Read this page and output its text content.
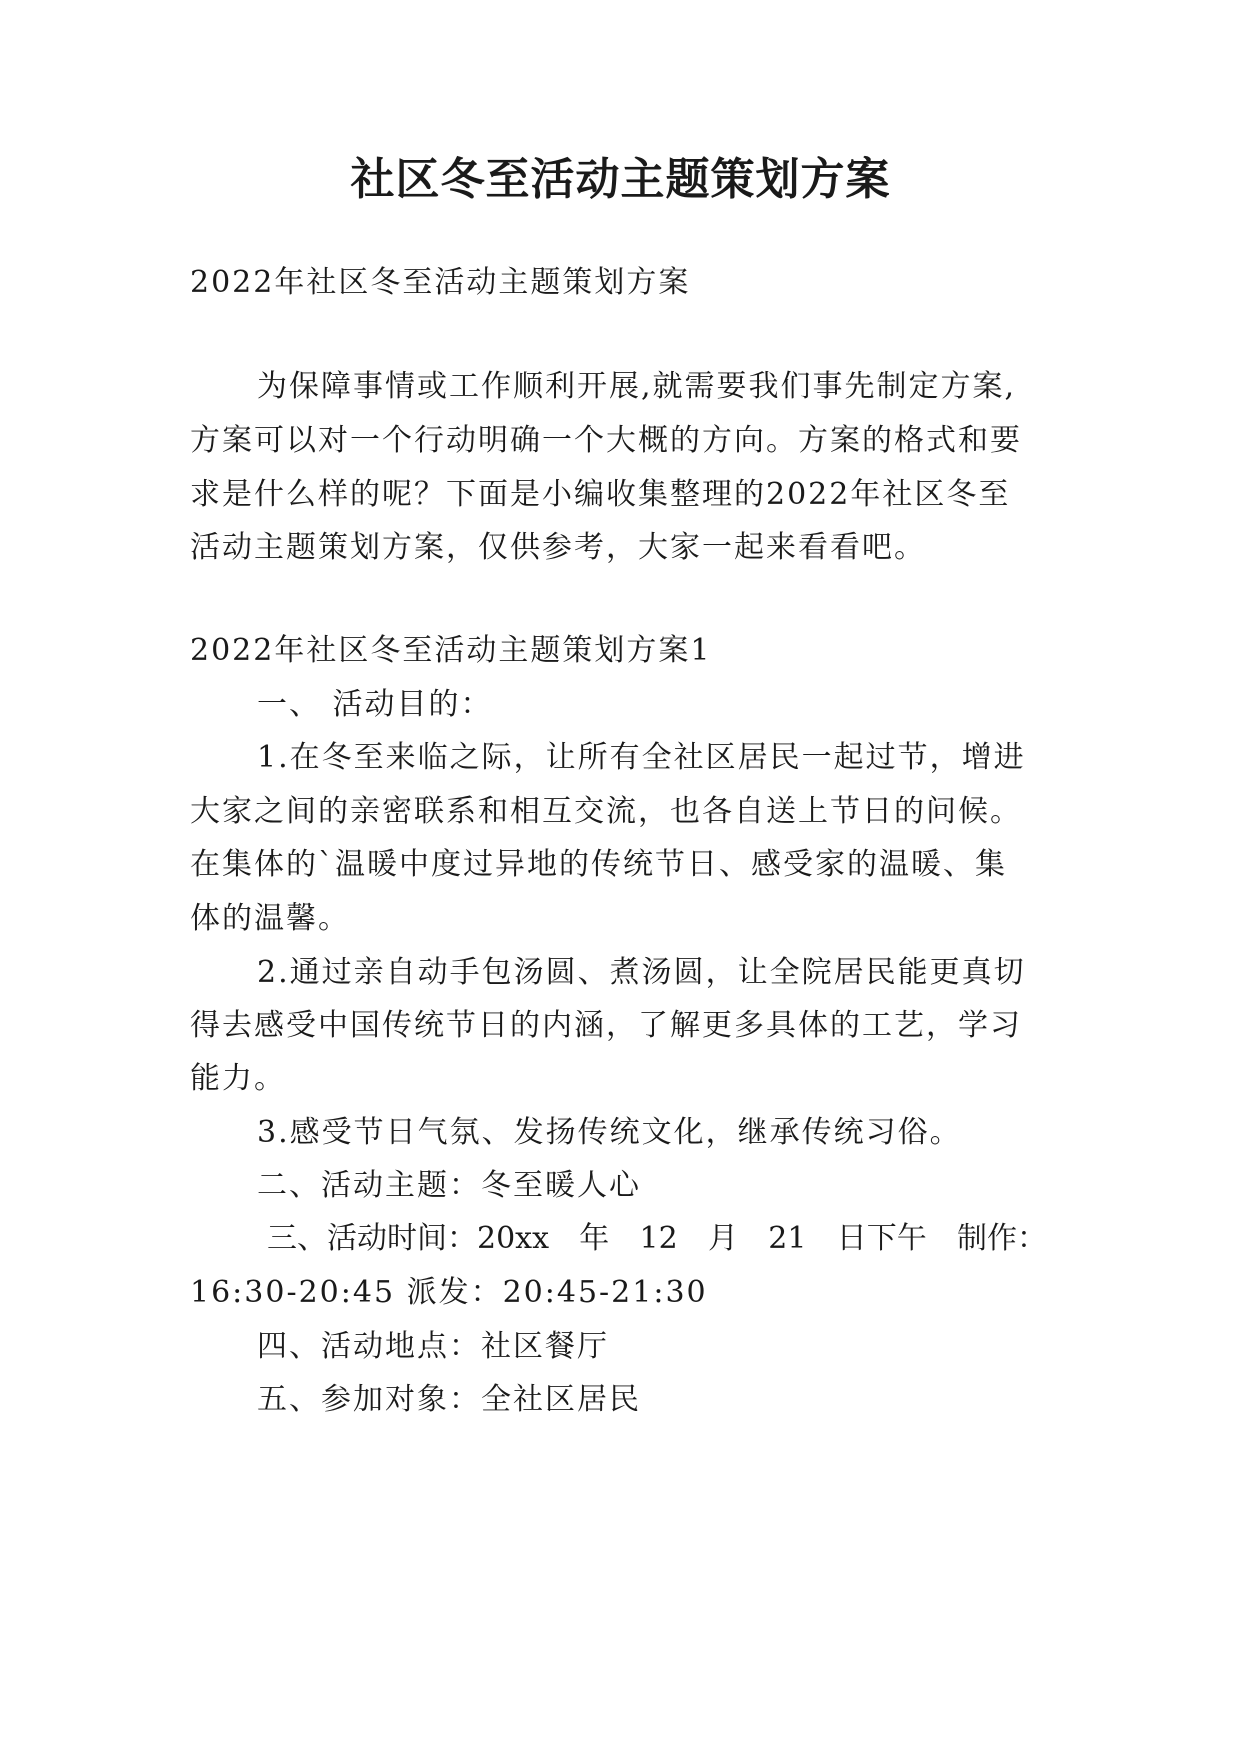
社区冬至活动主题策划方案
2022年社区冬至活动主题策划方案
为保障事情或工作顺利开展,就需要我们事先制定方案,
方案可以对一个行动明确一个大概的方向。方案的格式和要
求是什么样的呢？下面是小编收集整理的2022年社区冬至
活动主题策划方案，仅供参考，大家一起来看看吧。
2022年社区冬至活动主题策划方案1
一、 活动目的：
1.在冬至来临之际，让所有全社区居民一起过节，增进
大家之间的亲密联系和相互交流，也各自送上节日的问候。
在集体的`温暖中度过异地的传统节日、感受家的温暖、集
体的温馨。
2.通过亲自动手包汤圆、煮汤圆，让全院居民能更真切
得去感受中国传统节日的内涵，了解更多具体的工艺，学习
能力。
3.感受节日气氛、发扬传统文化，继承传统习俗。
二、活动主题：冬至暖人心
三、活动时间：20xx 年 12 月 21 日下午 制作：
16:30-20:45 派发：20:45-21:30
四、活动地点：社区餐厅
五、参加对象：全社区居民
